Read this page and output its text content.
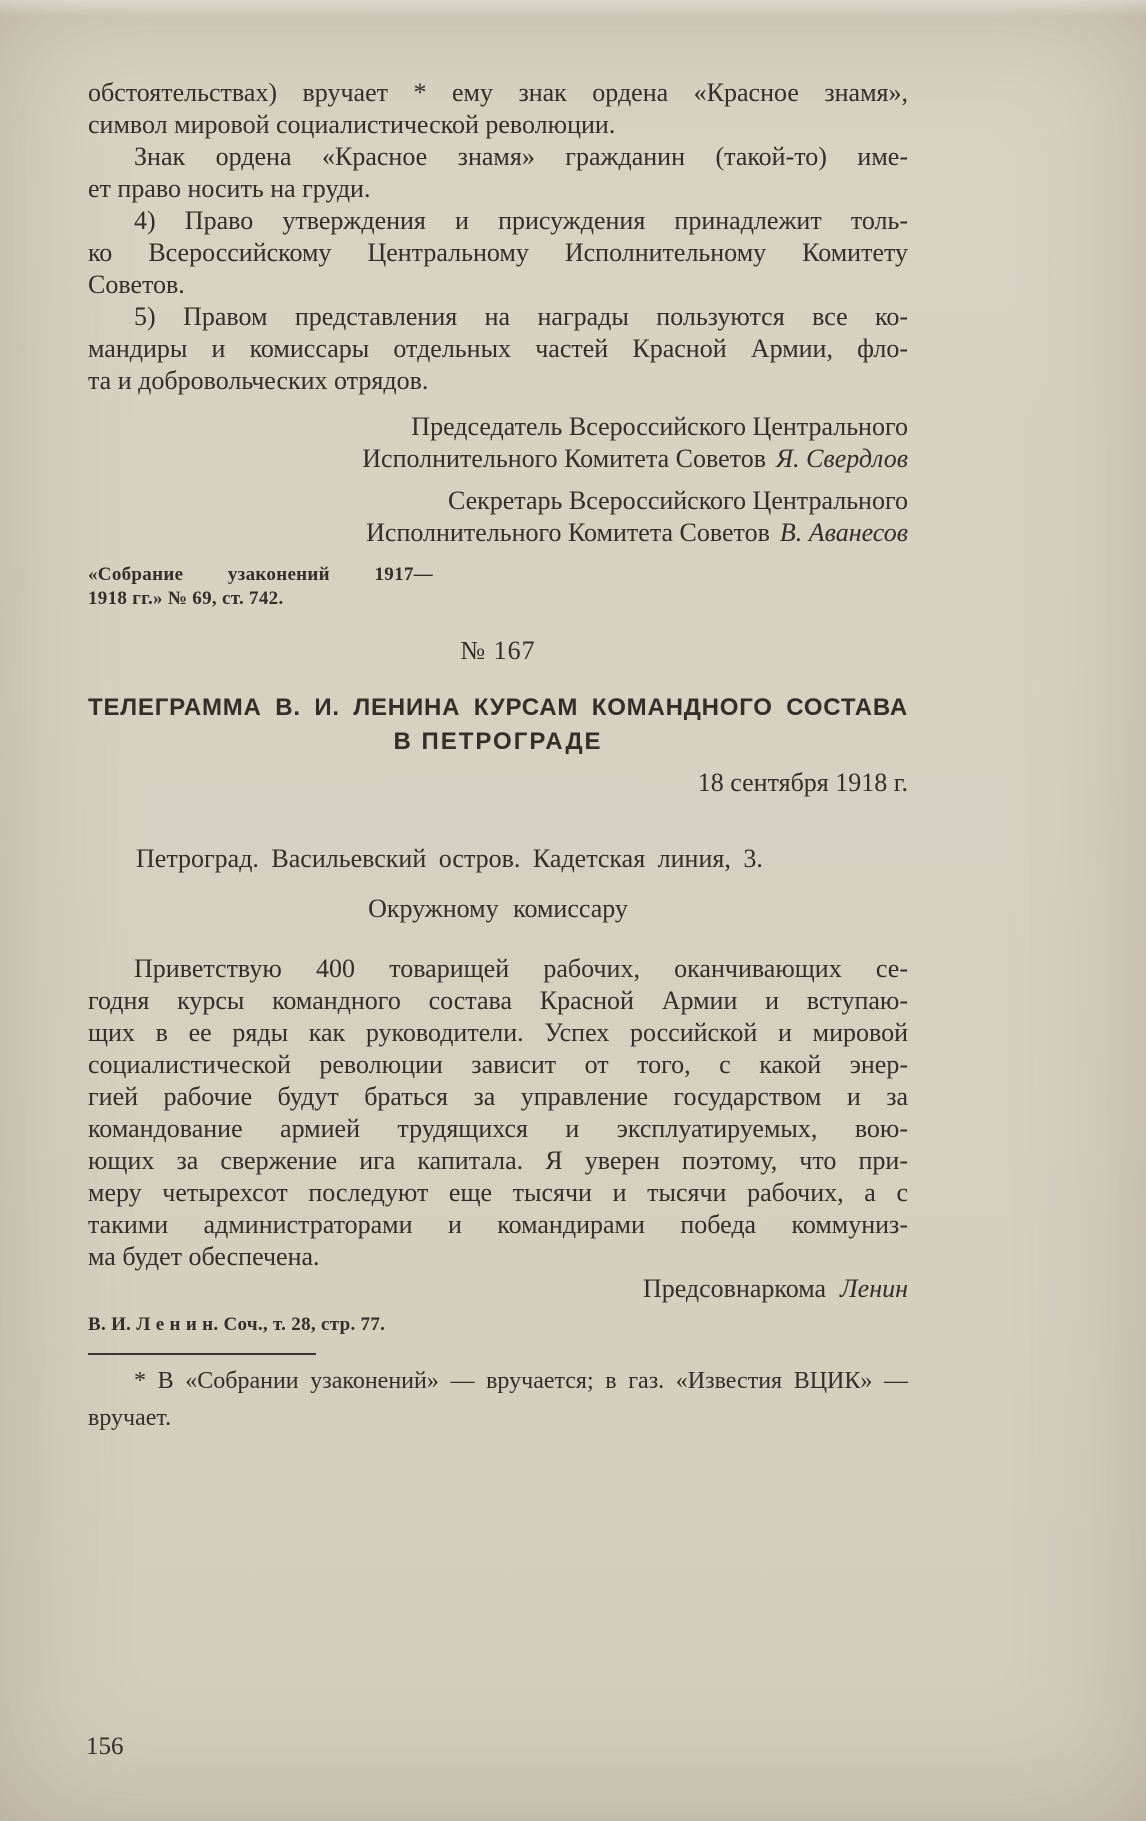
обстоятельствах) вручает * ему знак ордена «Красное знамя»,
символ мировой социалистической революции.
Знак ордена «Красное знамя» гражданин (такой-то) име-
ет право носить на груди.
4) Право утверждения и присуждения принадлежит толь-
ко Всероссийскому Центральному Исполнительному Комитету
Советов.
5) Правом представления на награды пользуются все ко-
мандиры и комиссары отдельных частей Красной Армии, фло-
та и добровольческих отрядов.
Председатель Всероссийского Центрального
Исполнительного Комитета Советов Я. Свердлов
Секретарь Всероссийского Центрального
Исполнительного Комитета Советов В. Аванесов
«Собрание узаконений 1917—
1918 гг.» № 69, ст. 742.
№ 167
ТЕЛЕГРАММА В. И. ЛЕНИНА КУРСАМ КОМАНДНОГО СОСТАВА
В ПЕТРОГРАДЕ
18 сентября 1918 г.
Петроград. Васильевский остров. Кадетская линия, 3.
Окружному комиссару
Приветствую 400 товарищей рабочих, оканчивающих се-
годня курсы командного состава Красной Армии и вступаю-
щих в ее ряды как руководители. Успех российской и мировой
социалистической революции зависит от того, с какой энер-
гией рабочие будут браться за управление государством и за
командование армией трудящихся и эксплуатируемых, вою-
ющих за свержение ига капитала. Я уверен поэтому, что при-
меру четырехсот последуют еще тысячи и тысячи рабочих, а с
такими администраторами и командирами победа коммуниз-
ма будет обеспечена.
Предсовнаркома Ленин
В. И. Л е н и н. Соч., т. 28, стр. 77.
* В «Собрании узаконений» — вручается; в газ. «Известия ВЦИК» —
вручает.
156
